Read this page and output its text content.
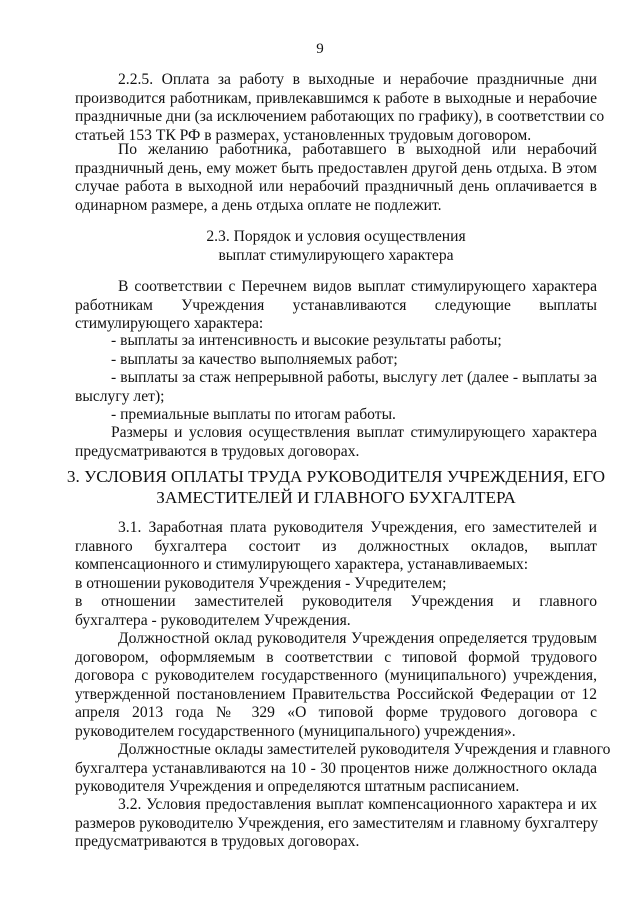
9
2.2.5. Оплата за работу в выходные и нерабочие праздничные дни
производится работникам, привлекавшимся к работе в выходные и нерабочие
праздничные дни (за исключением работающих по графику), в соответствии со
статьей 153 ТК РФ в размерах, установленных трудовым договором.
По желанию работника, работавшего в выходной или нерабочий
праздничный день, ему может быть предоставлен другой день отдыха. В этом
случае работа в выходной или нерабочий праздничный день оплачивается в
одинарном размере, а день отдыха оплате не подлежит.
2.3. Порядок и условия осуществления
выплат стимулирующего характера
В соответствии с Перечнем видов выплат стимулирующего характера
работникам Учреждения устанавливаются следующие выплаты
стимулирующего характера:
- выплаты за интенсивность и высокие результаты работы;
- выплаты за качество выполняемых работ;
- выплаты за стаж непрерывной работы, выслугу лет (далее - выплаты за
выслугу лет);
- премиальные выплаты по итогам работы.
Размеры и условия осуществления выплат стимулирующего характера
предусматриваются в трудовых договорах.
3. УСЛОВИЯ ОПЛАТЫ ТРУДА РУКОВОДИТЕЛЯ УЧРЕЖДЕНИЯ, ЕГО
ЗАМЕСТИТЕЛЕЙ И ГЛАВНОГО БУХГАЛТЕРА
3.1. Заработная плата руководителя Учреждения, его заместителей и
главного бухгалтера состоит из должностных окладов, выплат
компенсационного и стимулирующего характера, устанавливаемых:
в отношении руководителя Учреждения - Учредителем;
в отношении заместителей руководителя Учреждения и главного
бухгалтера - руководителем Учреждения.
Должностной оклад руководителя Учреждения определяется трудовым
договором, оформляемым в соответствии с типовой формой трудового
договора с руководителем государственного (муниципального) учреждения,
утвержденной постановлением Правительства Российской Федерации от 12
апреля 2013 года № 329 «О типовой форме трудового договора с
руководителем государственного (муниципального) учреждения».
Должностные оклады заместителей руководителя Учреждения и главного
бухгалтера устанавливаются на 10 - 30 процентов ниже должностного оклада
руководителя Учреждения и определяются штатным расписанием.
3.2. Условия предоставления выплат компенсационного характера и их
размеров руководителю Учреждения, его заместителям и главному бухгалтеру
предусматриваются в трудовых договорах.
